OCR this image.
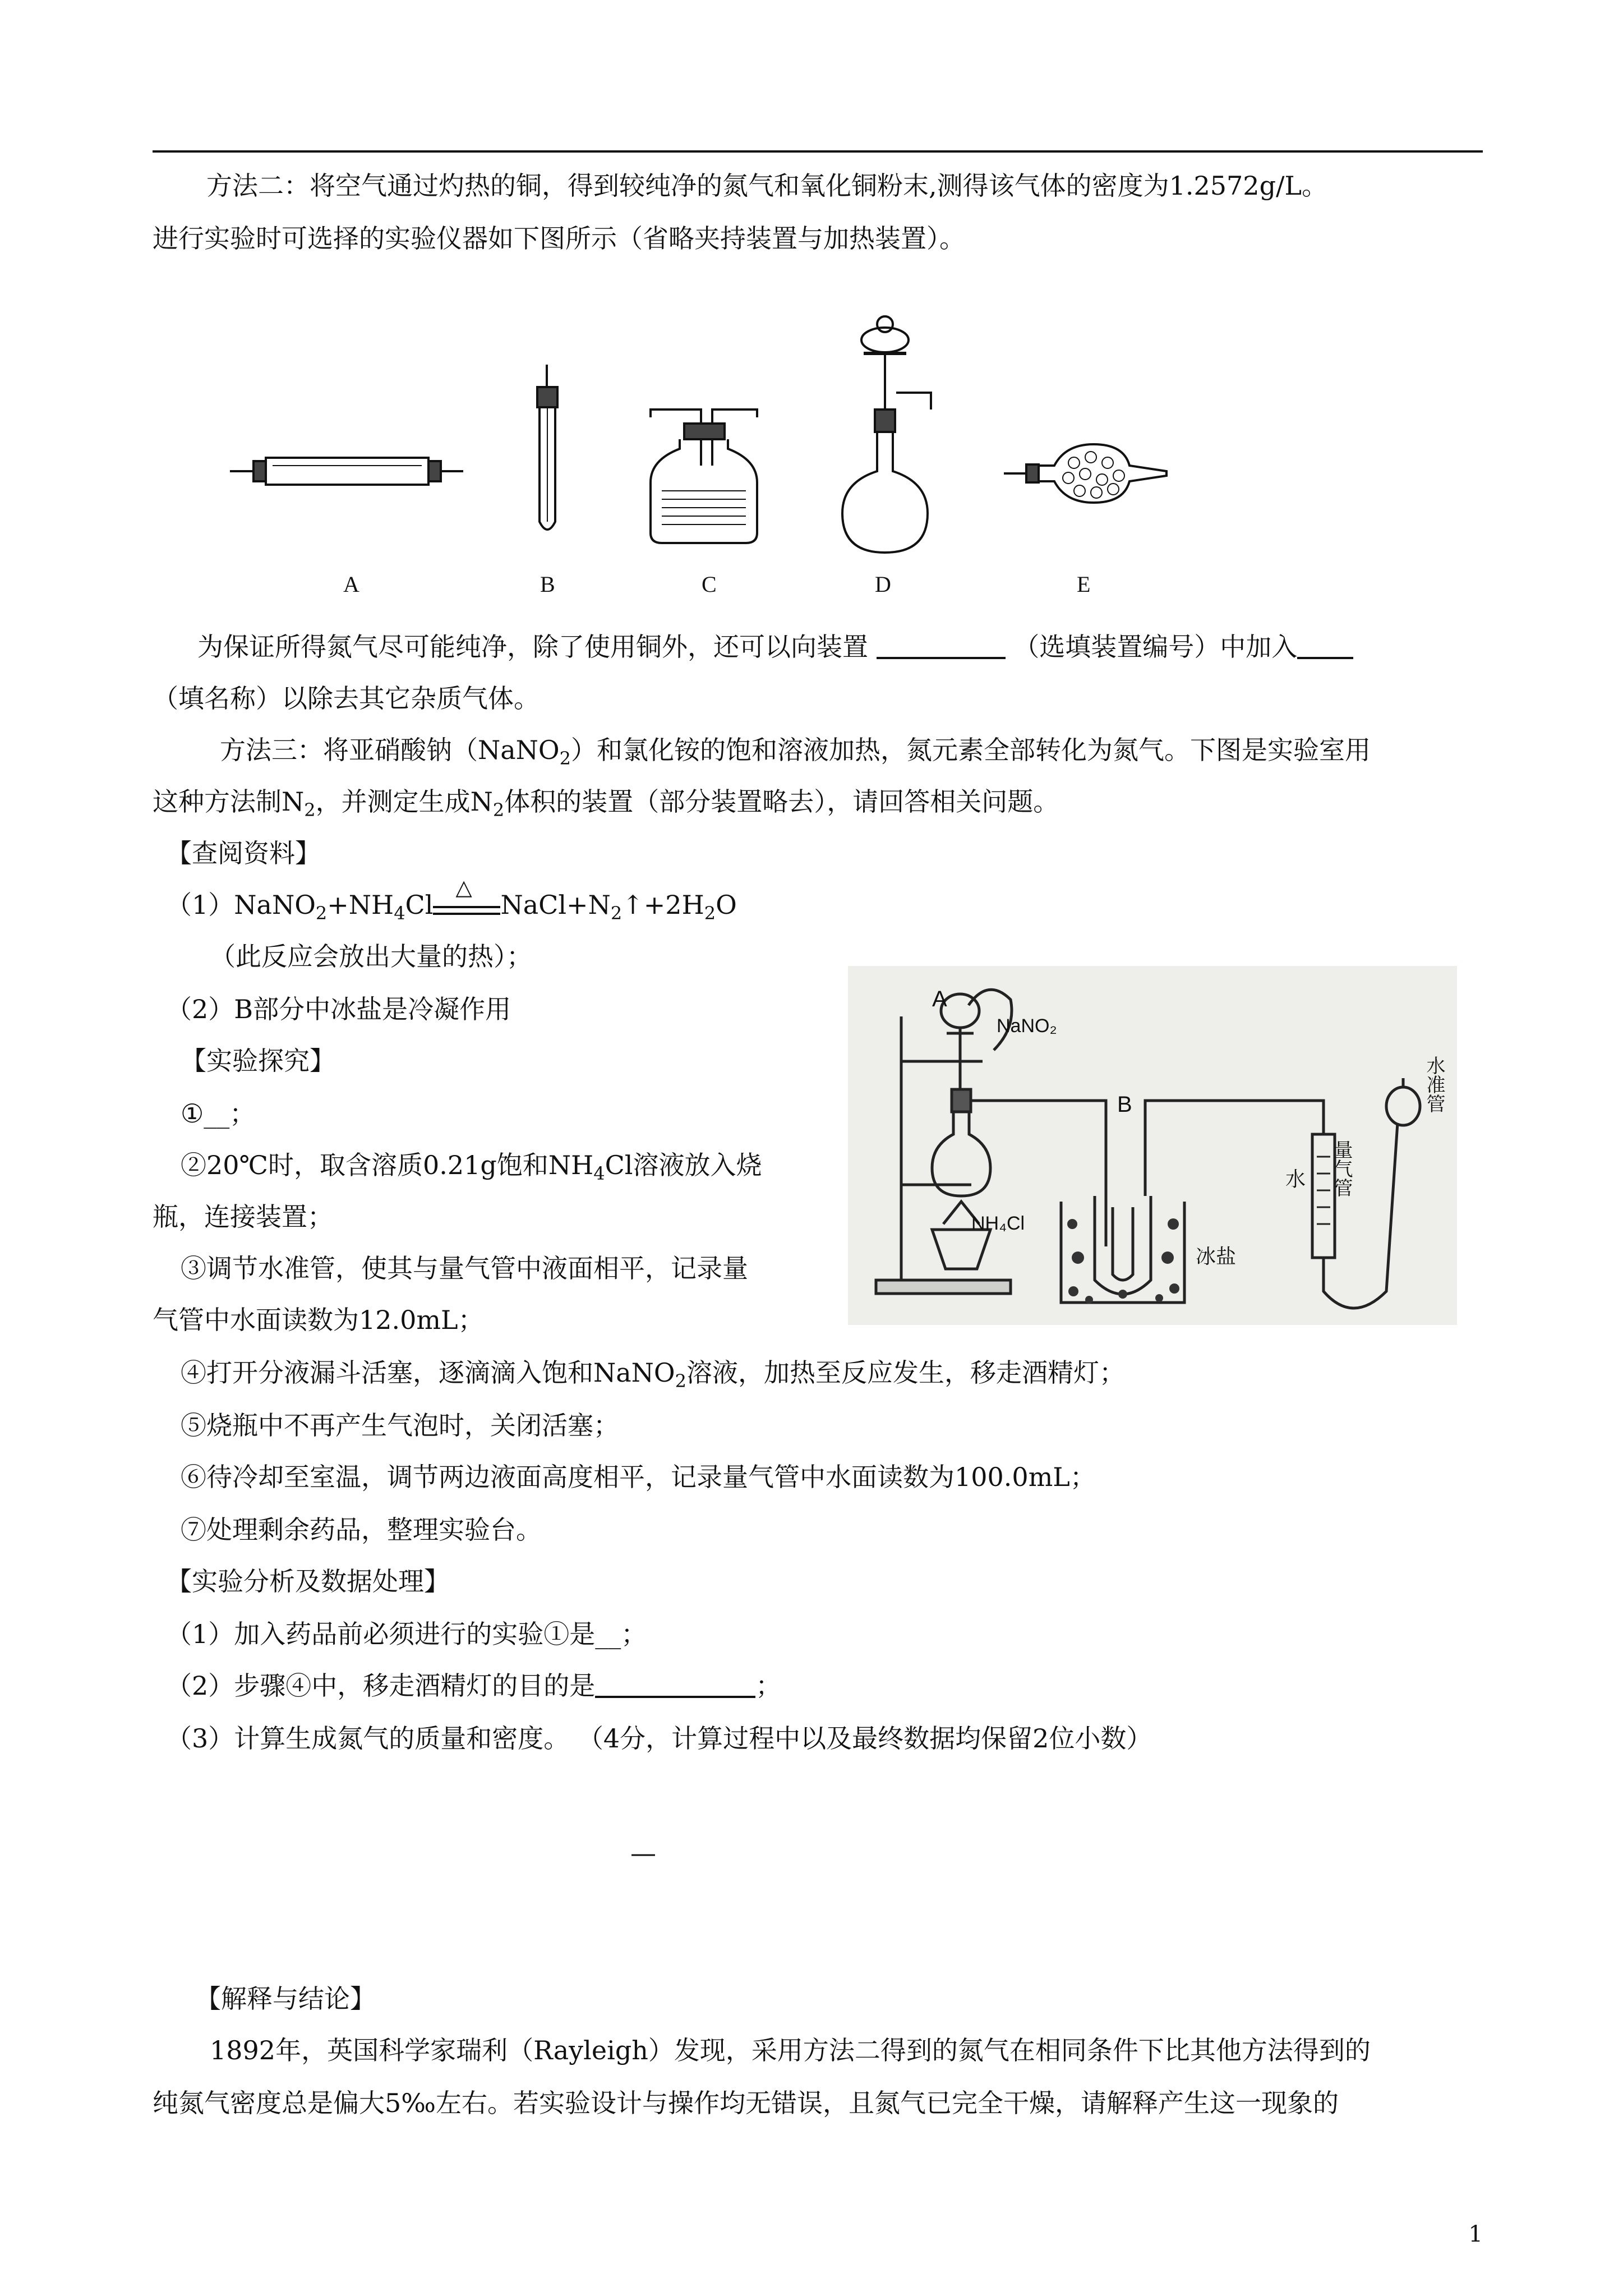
方法二：将空气通过灼热的铜，得到较纯净的氮气和氧化铜粉末,测得该气体的密度为1.2572g/L。
进行实验时可选择的实验仪器如下图所示（省略夹持装置与加热装置）。
A	B	C	D	E
为保证所得氮气尽可能纯净，除了使用铜外，还可以向装置	（选填装置编号）中加入
（填名称）以除去其它杂质气体。
方法三：将亚硝酸钠（NaNO$_2$）和氯化铵的饱和溶液加热，氮元素全部转化为氮气。下图是实验室用
这种方法制$N_2$，并测定生成$N_2$体积的装置（部分装置略去），请回答相关问题。
【查阅资料】
$(1)NaNO_2+NH_4Cl$
△
$NaCl+N_2↑+2H_2O$
（此反应会放出大量的热）；
（2）B部分中冰盐是冷凝作用
【实验探究】
①__；
②20℃时，取含溶质0.21g饱和$NH_4Cl$溶液放入烧
瓶，连接装置；
③调节水准管，使其与量气管中液面相平，记录量
气管中水面读数为12.0mL；
A
NaNO₂
B
NH₄Cl
冰盐
水 量气管
水准管
④打开分液漏斗活塞，逐滴滴入饱和NaNO$_2$溶液，加热至反应发生，移走酒精灯；
⑤烧瓶中不再产生气泡时，关闭活塞；
⑥待冷却至室温，调节两边液面高度相平，记录量气管中水面读数为100.0mL；
⑦处理剩余药品，整理实验台。
【实验分析及数据处理】
（1）加入药品前必须进行的实验①是__；
（2）步骤④中，移走酒精灯的目的是	；
（3）计算生成氮气的质量和密度。 （4分，计算过程中以及最终数据均保留2位小数）
—
【解释与结论】
1892年，英国科学家瑞利（Rayleigh）发现，采用方法二得到的氮气在相同条件下比其他方法得到的
纯氮气密度总是偏大5‰左右。若实验设计与操作均无错误，且氮气已完全干燥，请解释产生这一现象的
1
